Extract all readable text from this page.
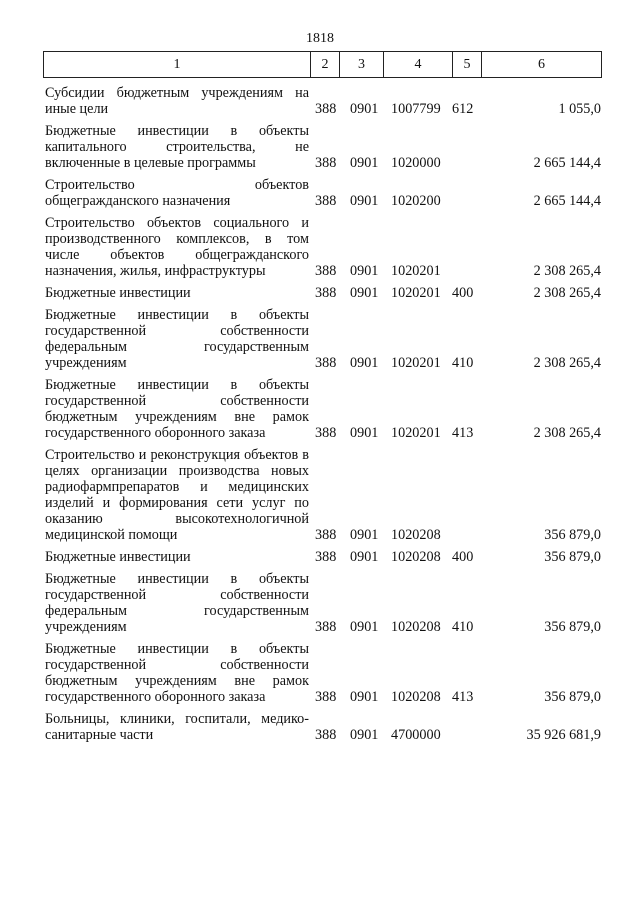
1818
1	2	3	4	5	6
Субсидии бюджетным учреждениям на иные цели	388 0901 1007799 612	1 055,0
Бюджетные инвестиции в объекты капитального строительства, не включенные в целевые программы	388 0901 1020000	2 665 144,4
Строительство объектов общегражданского назначения	388 0901 1020200	2 665 144,4
Строительство объектов социального и производственного комплексов, в том числе объектов общегражданского назначения, жилья, инфраструктуры	388 0901 1020201	2 308 265,4
Бюджетные инвестиции	388 0901 1020201 400	2 308 265,4
Бюджетные инвестиции в объекты государственной собственности федеральным государственным учреждениям	388 0901 1020201 410	2 308 265,4
Бюджетные инвестиции в объекты государственной собственности бюджетным учреждениям вне рамок государственного оборонного заказа	388 0901 1020201 413	2 308 265,4
Строительство и реконструкция объектов в целях организации производства новых радиофармпрепаратов и медицинских изделий и формирования сети услуг по оказанию высокотехнологичной медицинской помощи	388 0901 1020208	356 879,0
Бюджетные инвестиции	388 0901 1020208 400	356 879,0
Бюджетные инвестиции в объекты государственной собственности федеральным государственным учреждениям	388 0901 1020208 410	356 879,0
Бюджетные инвестиции в объекты государственной собственности бюджетным учреждениям вне рамок государственного оборонного заказа	388 0901 1020208 413	356 879,0
Больницы, клиники, госпитали, медико-санитарные части	388 0901 4700000	35 926 681,9
